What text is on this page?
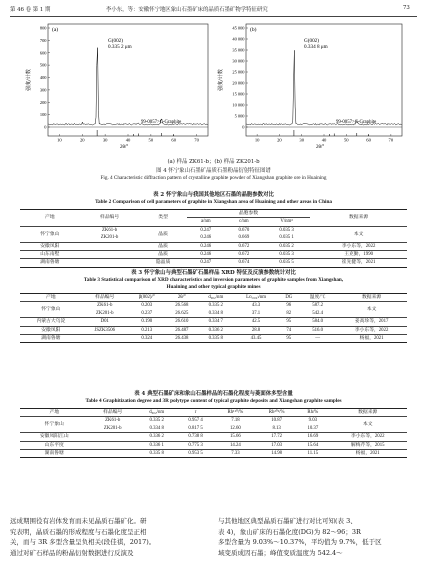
第 46 卷 第 1 期	李小东，等：安徽怀宁地区象山石墨矿床的晶质石墨矿物学特征研究	73
0
100
200
300
400
500
600
700
800
10	20	30	40	50	60	70
(a)
G(002)
0.335 2 μm
99-0057>C-Graphite
2θ/°
强度/计数
0
5 000
10 000
15 000
20 000
25 000
30 000
35 000
40 000
45 000
10	20	30	40	50	60	70
(b)
G(002)
0.334 8 μm
99-0057>C-Graphite
2θ/°
强度/计数
(a) 样品 ZK61-b；(b) 样品 ZK201-b
图 4 怀宁象山石墨矿晶质石墨粉晶衍射特征图谱
Fig. 4 Characteristic diffraction pattern of crystalline graphite powder of Xiangshan graphite ore in Huaining
表 2 怀宁象山与我国其他地区石墨的晶胞参数对比
Table 2 Comparison of cell parameters of graphite in Xiangshan area of Huaining and other areas in China
产地	样品编号	类型	晶胞参数			数据来源
			a/nm	c/nm	V/nm³	
怀宁象山	ZK61-b	晶质	0.247	0.670	0.035 3	本文
	ZK201-b		0.246	0.669	0.035 1	
安徽凤阳		晶质	0.246	0.672	0.035 2	李小东等，2022
山东南墅		晶质	0.246	0.672	0.035 3	王克勤，1990
湖南鲁塘		隐晶质	0.247	0.674	0.035 5	崔先健等，2021
表 3 怀宁象山与典型石墨矿石墨样品 XRD 特征及反演参数统计对比
Table 3 Statistical comparison of XRD characteristics and inversion parameters of graphite samples from Xiangshan,
Huaining and other typical graphite mines
产地	样品编号	β(002)/°	2θ/°	d₀₀₂/nm	Lc₍₀₀₂₎/nm	DG	温度/℃	数据来源
怀宁象山	ZK61-b	0.203	26.568	0.335 2	43.3	96	587.2	本文
	ZK201-b	0.237	26.625	0.334 8	37.1	82	542.4	
内蒙古大乌淀	D01	0.190	26.610	0.334 7	42.5	95	584.0	姜高珍等，2017
安徽凤阳	JSZK3506	0.213	26.487	0.336 2	28.8	74	516.0	李小东等，2022
湖南鲁塘		0.324	26.438	0.335 8	43.45	95	—	杨福，2021
表 4 典型石墨矿床和象山石墨样品的石墨化程度与菱面体多型含量
Table 4 Graphitization degree and 3R polytype content of typical graphite deposits and Xiangshan graphite samples
产地	样品编号	d₀₀₂/nm	r	Rh¹¹⁰/%	Rh²⁰¹/%	Rh/%	数据来源
怀宁象山	ZK61-b	0.335 2	0.957 4	7.18	10.87	9.03	本文
	ZK201-b	0.334 8	0.817 5	12.60	8.13	10.37	
安徽凤阳江山		0.336 2	0.738 8	15.66	17.72	16.69	李小东等，2022
山东平度		0.336 1	0.775 3	14.24	17.03	15.64	解梅芹等，2015
湖南鲁塘		0.335 8	0.953 5	7.33	14.98	11.15	杨福，2021
远成期围役有岩体发育而未见晶质石墨矿化。研
究表明，晶质石墨的形成程度与石墨化度呈正相
关，而与 3R 多型含量呈负相关(段佳祺，2017)。
通过对矿石样品的粉晶衍射数据进行反演及
与其他地区典型晶质石墨矿进行对比可知(表 3、
表 4)，象山矿床的石墨化度(DG)为 82～96；3R
多型含量为 9.03%～10.37%，平均值为 9.7%，低于区
域变质成因石墨；峰值变质温度为 542.4～
